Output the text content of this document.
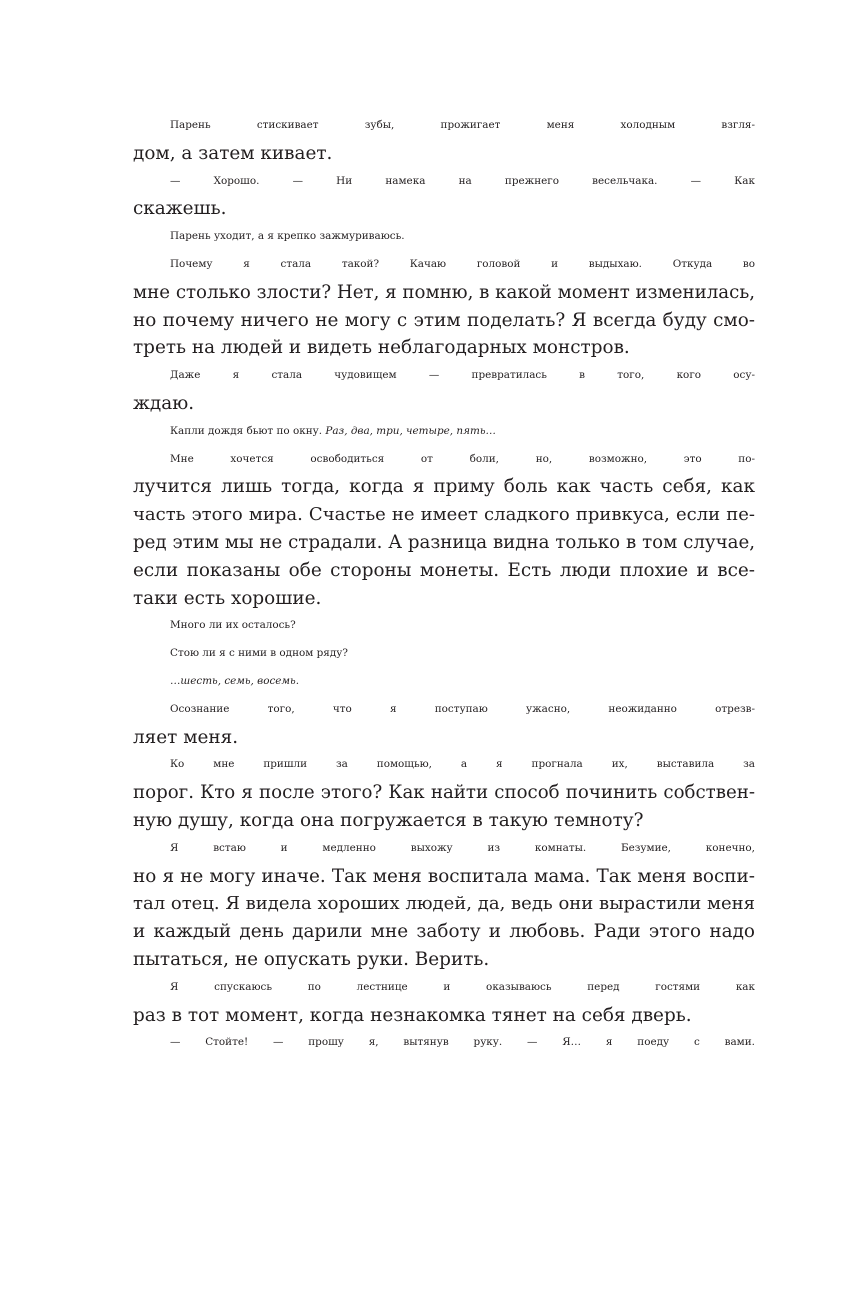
Парень стискивает зубы, прожигает меня холодным взгля-
дом, а затем кивает.
— Хорошо. — Ни намека на прежнего весельчака. — Как
скажешь.
Парень уходит, а я крепко зажмуриваюсь.
Почему я стала такой? Качаю головой и выдыхаю. Откуда во
мне столько злости? Нет, я помню, в какой момент изменилась,
но почему ничего не могу с этим поделать? Я всегда буду смо-
треть на людей и видеть неблагодарных монстров.
Даже я стала чудовищем — превратилась в того, кого осу-
ждаю.
Капли дождя бьют по окну. Раз, два, три, четыре, пять…
Мне хочется освободиться от боли, но, возможно, это по-
лучится лишь тогда, когда я приму боль как часть себя, как
часть этого мира. Счастье не имеет сладкого привкуса, если пе-
ред этим мы не страдали. А разница видна только в том случае,
если показаны обе стороны монеты. Есть люди плохие и все-
таки есть хорошие.
Много ли их осталось?
Стою ли я с ними в одном ряду?
…шесть, семь, восемь.
Осознание того, что я поступаю ужасно, неожиданно отрезв-
ляет меня.
Ко мне пришли за помощью, а я прогнала их, выставила за
порог. Кто я после этого? Как найти способ починить собствен-
ную душу, когда она погружается в такую темноту?
Я встаю и медленно выхожу из комнаты. Безумие, конечно,
но я не могу иначе. Так меня воспитала мама. Так меня воспи-
тал отец. Я видела хороших людей, да, ведь они вырастили меня
и каждый день дарили мне заботу и любовь. Ради этого надо
пытаться, не опускать руки. Верить.
Я спускаюсь по лестнице и оказываюсь перед гостями как
раз в тот момент, когда незнакомка тянет на себя дверь.
— Стойте! — прошу я, вытянув руку. — Я… я поеду с вами.
